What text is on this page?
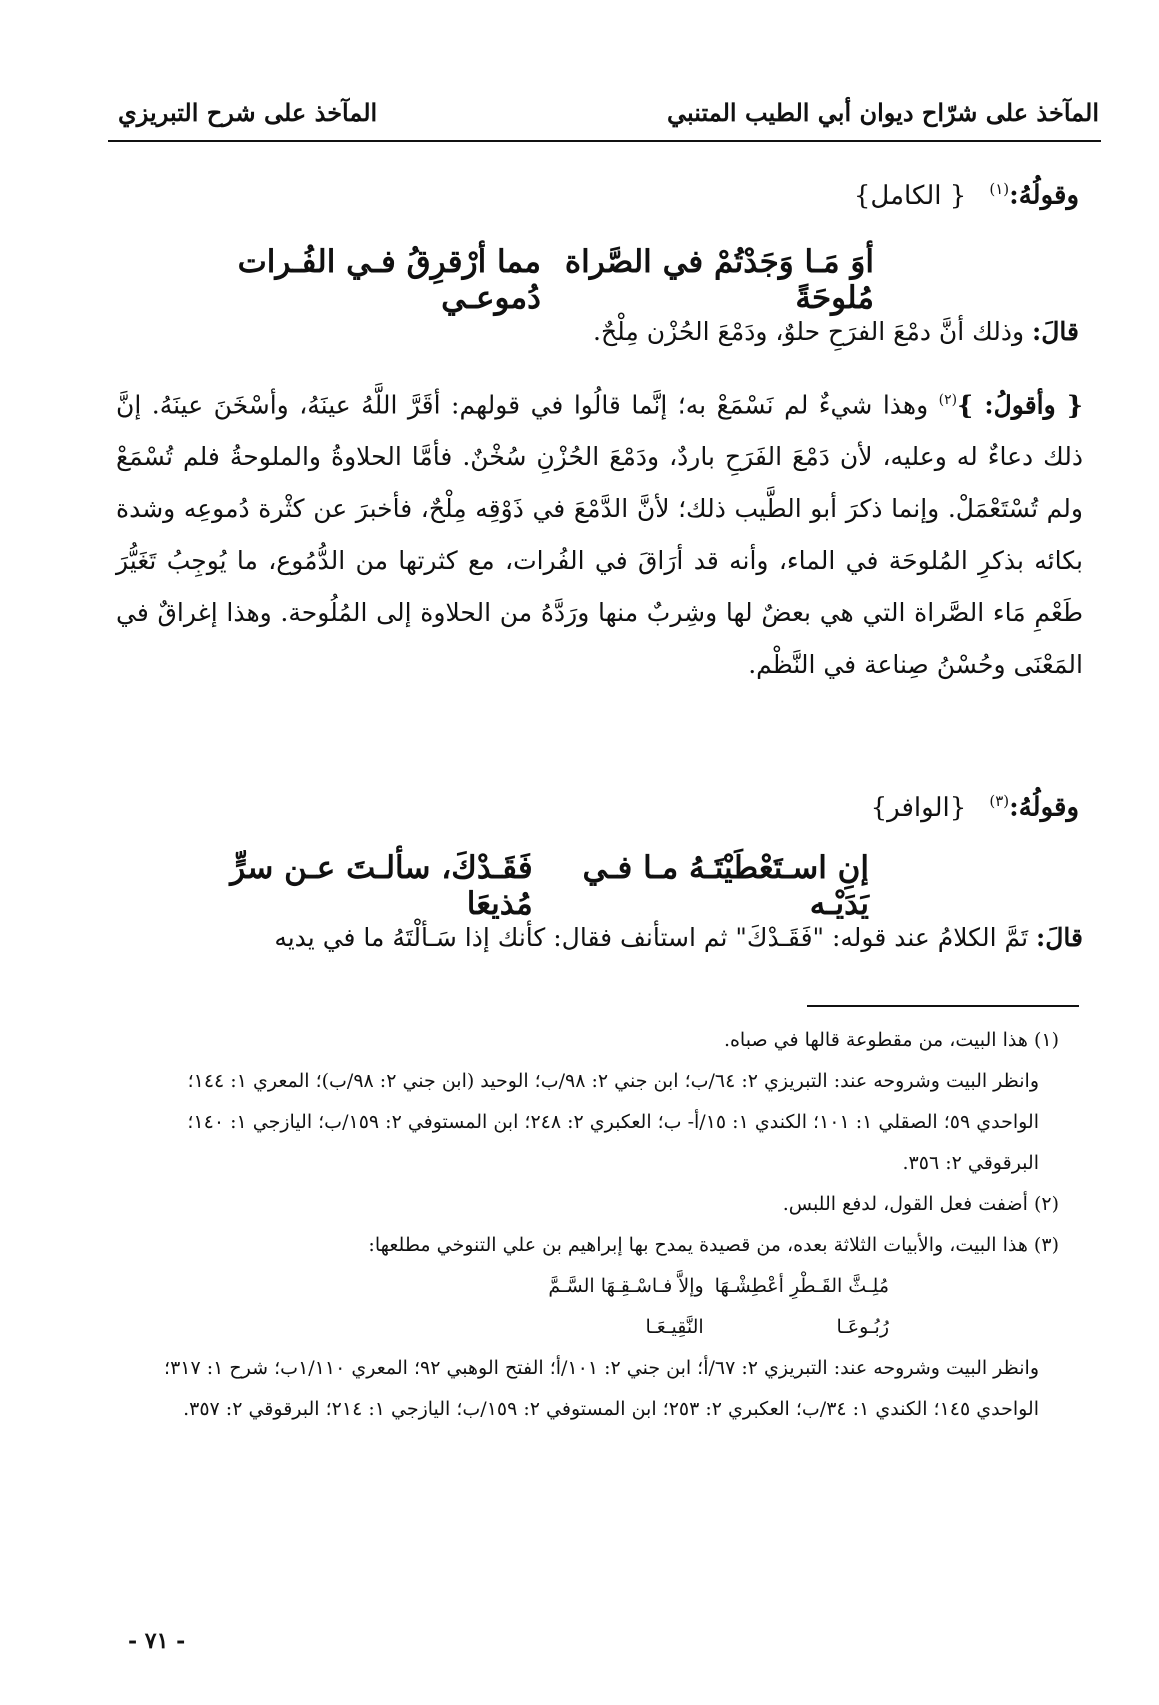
المآخذ على شرّاح ديوان أبي الطيب المتنبي
المآخذ على شرح التبريزي
وقولُهُ:$^{(١)}$ { الكامل}
أوَ مَـا وَجَدْتُمْ في الصَّراة مُلوحَةً
مما أرْقرِقُ فـي الفُـرات دُموعـي
قالَ: وذلك أنَّ دمْعَ الفرَحِ حلوٌ، ودَمْعَ الحُزْن مِلْحٌ.
{ وأقولُ: }$^{(٢)}$ وهذا شيءٌ لم نَسْمَعْ به؛ إنَّما قالُوا في قولهم: أقَرَّ اللَّهُ عينَهُ، وأسْخَنَ عينَهُ. إنَّ ذلك دعاءٌ له وعليه، لأن دَمْعَ الفَرَحِ باردٌ، ودَمْعَ الحُزْنِ سُخْنٌ. فأمَّا الحلاوةُ والملوحةُ فلم تُسْمَعْ ولم تُسْتَعْمَلْ. وإنما ذكرَ أبو الطَّيب ذلك؛ لأنَّ الدَّمْعَ في ذَوْقِه مِلْحٌ، فأخبرَ عن كثْرة دُموعِه وشدة بكائه بذكرِ المُلوحَة في الماء، وأنه قد أرَاقَ في الفُرات، مع كثرتها من الدُّمُوع، ما يُوجِبُ تَغَيُّرَ طَعْمِ مَاء الصَّراة التي هي بعضٌ لها وشِربٌ منها ورَدَّهُ من الحلاوة إلى المُلُوحة. وهذا إغراقٌ في المَعْنَى وحُسْنُ صِناعة في النَّظْم.
وقولُهُ:$^{(٣)}$ {الوافر}
إنِ اسـتَعْطَيْتَـهُ مـا فـي يَدَيْـه
فَقَـدْكَ، سألـتَ عـن سرٍّ مُذيعَا
قالَ: تَمَّ الكلامُ عند قوله: "فَقَـدْكَ" ثم استأنف فقال: كأنك إذا سَـألْتَهُ ما في يديه

(١) هذا البيت، من مقطوعة قالها في صباه.

وانظر البيت وشروحه عند: التبريزي ٢: ٦٤/ب؛ ابن جني ٢: ٩٨/ب؛ الوحيد (ابن جني ٢: ٩٨/ب)؛ المعري ١: ١٤٤؛ الواحدي ٥٩؛ الصقلي ١: ١٠١؛ الكندي ١: ١٥/أ- ب؛ العكبري ٢: ٢٤٨؛ ابن المستوفي ٢: ١٥٩/ب؛ اليازجي ١: ١٤٠؛ البرقوقي ٢: ٣٥٦.

(٢) أضفت فعل القول، لدفع اللبس.

(٣) هذا البيت، والأبيات الثلاثة بعده، من قصيدة يمدح بها إبراهيم بن علي التنوخي مطلعها:

مُلِـثَّ القَـطْرِ أعْطِشْـهَا رُبُـوعَـا
وإلاَّ فـاسْـقِـهَا السَّـمَّ النَّقِيـعَـا

وانظر البيت وشروحه عند: التبريزي ٢: ٦٧/أ؛ ابن جني ٢: ١٠١/أ؛ الفتح الوهبي ٩٢؛ المعري ١/١١٠ب؛ شرح ١: ٣١٧؛ الواحدي ١٤٥؛ الكندي ١: ٣٤/ب؛ العكبري ٢: ٢٥٣؛ ابن المستوفي ٢: ١٥٩/ب؛ اليازجي ١: ٢١٤؛ البرقوقي ٢: ٣٥٧.

- ٧١ -
